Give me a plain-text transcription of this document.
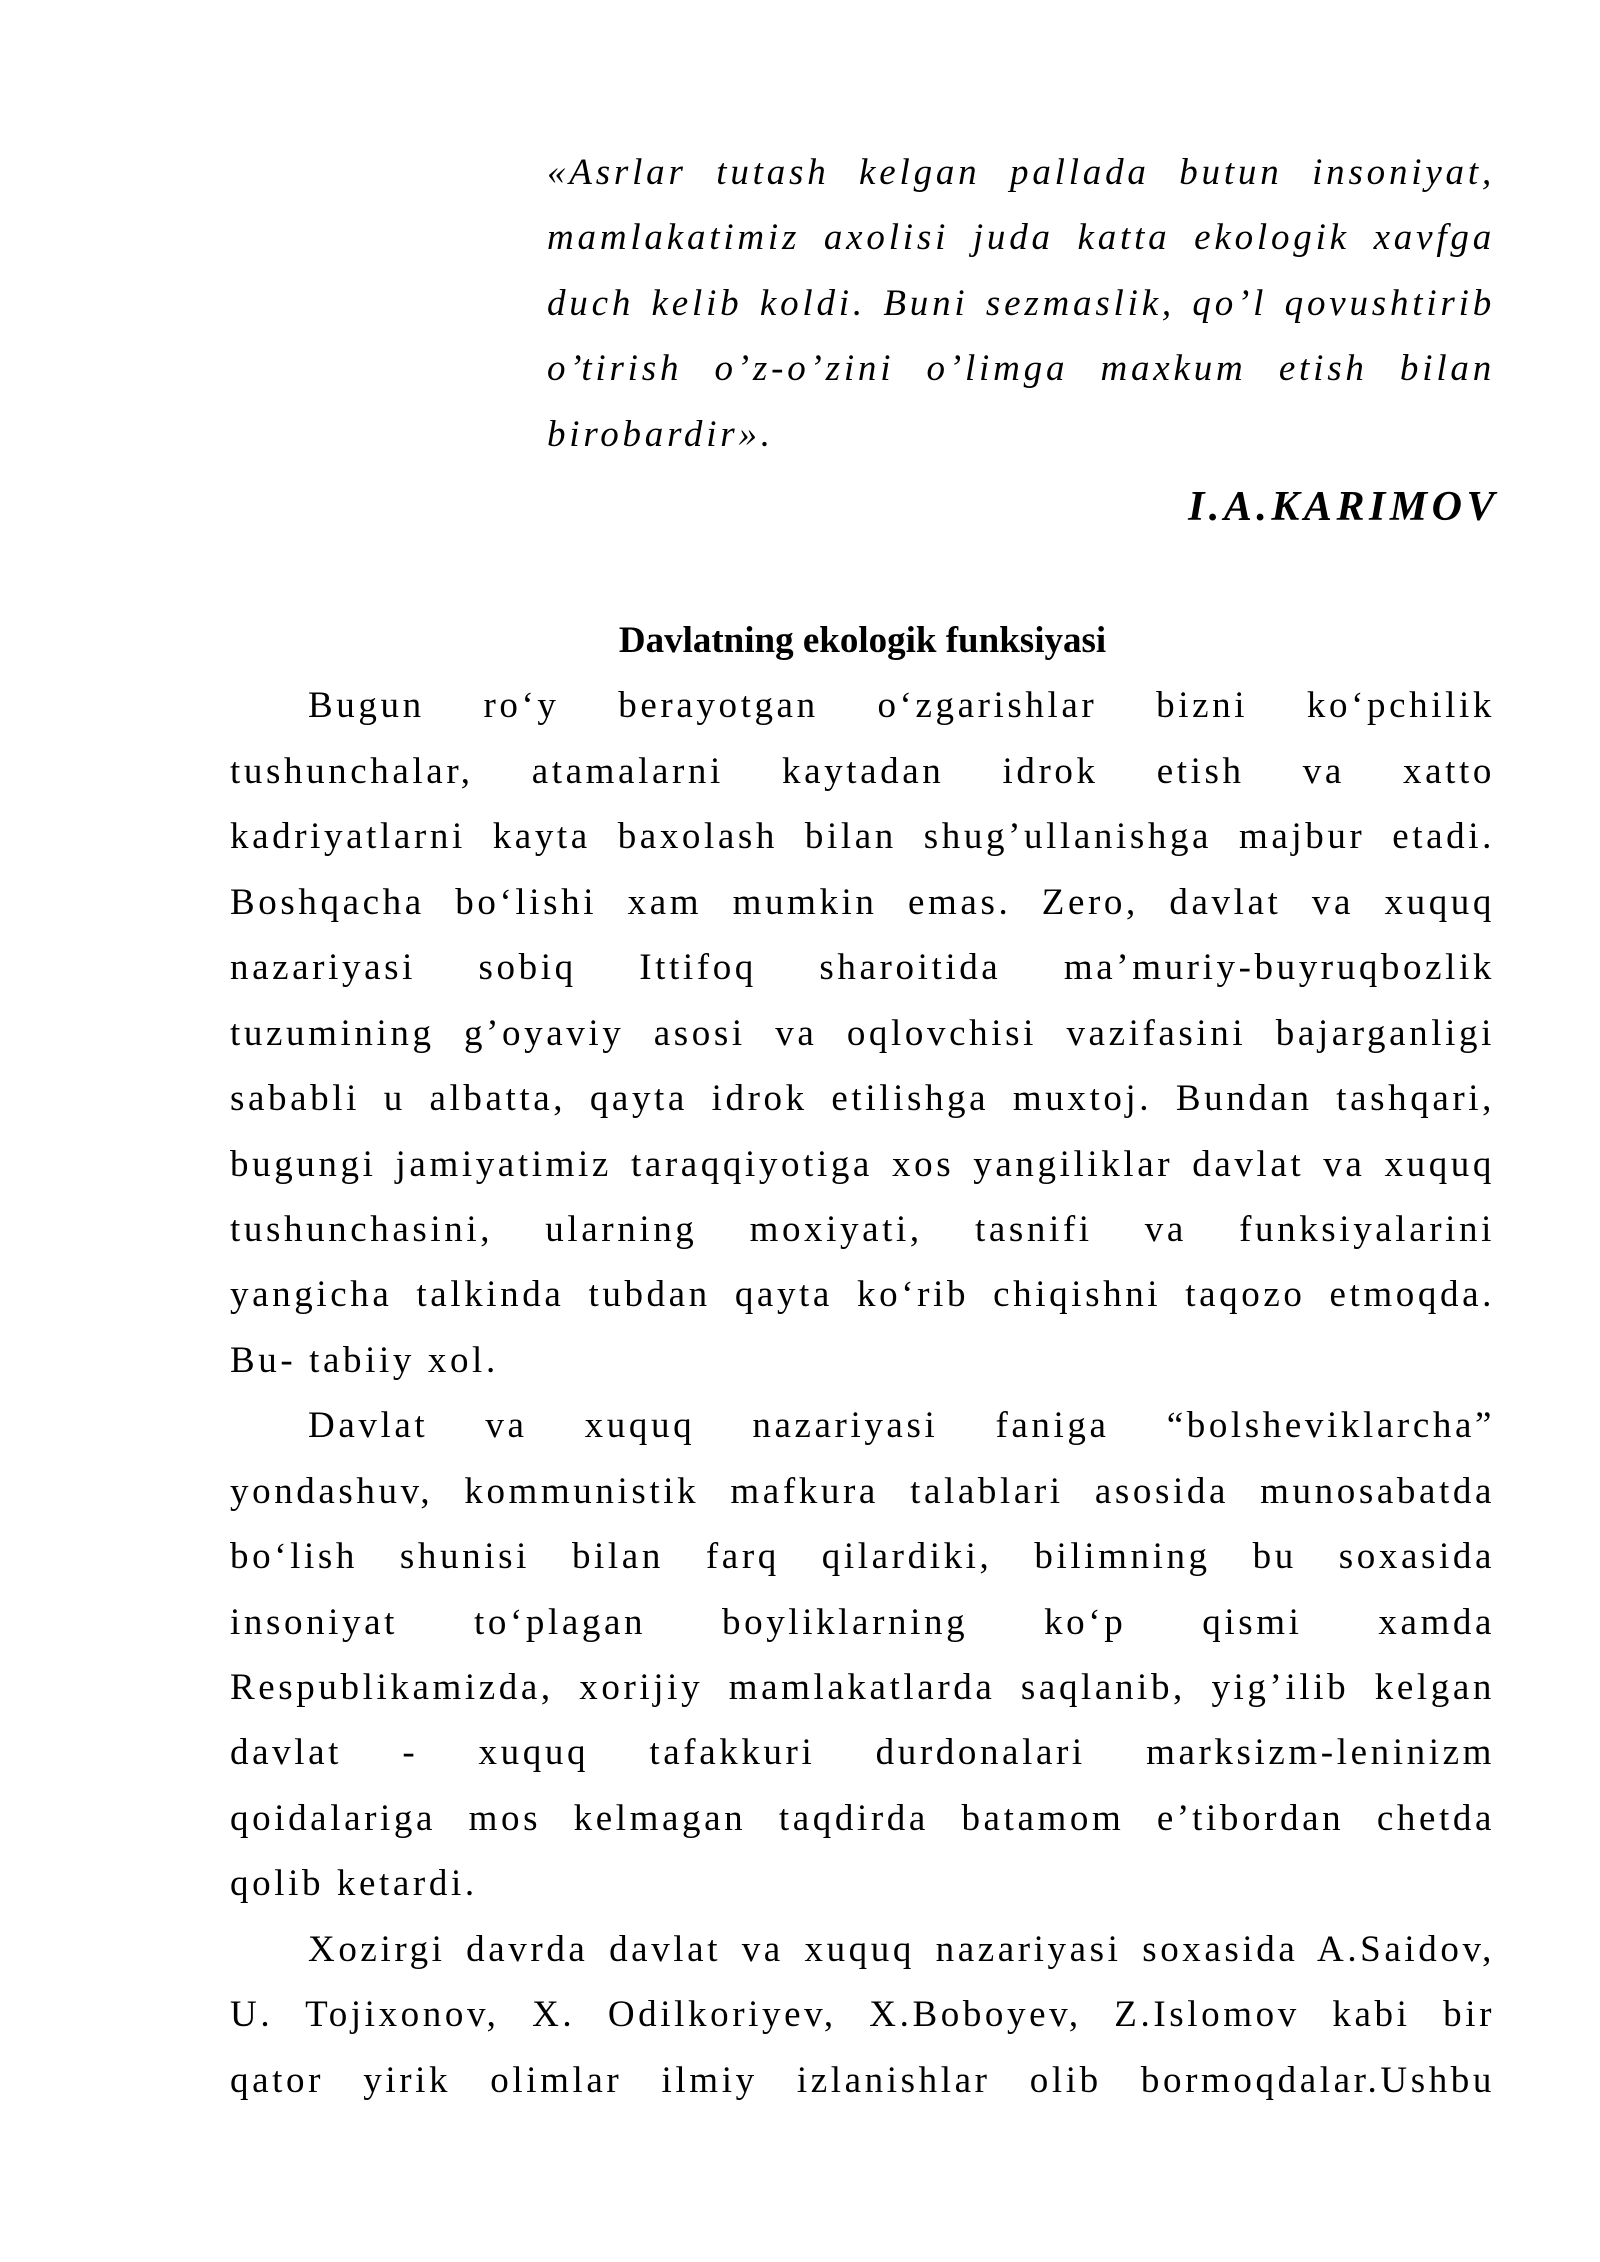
«Asrlar tutash kelgan pallada butun insoniyat,
mamlakatimiz axolisi juda katta ekologik xavfga
duch kelib koldi. Buni sezmaslik, qo’l qovushtirib
o’tirish o’z-o’zini o’limga maxkum etish bilan
birobardir».
I.A.KARIMOV
Davlatning ekologik funksiyasi
Bugun ro‘y berayotgan o‘zgarishlar bizni ko‘pchilik
tushunchalar, atamalarni kaytadan idrok etish va xatto
kadriyatlarni kayta baxolash bilan shug’ullanishga majbur etadi.
Boshqacha bo‘lishi xam mumkin emas. Zero, davlat va xuquq
nazariyasi sobiq Ittifoq sharoitida ma’muriy-buyruqbozlik
tuzumining g’oyaviy asosi va oqlovchisi vazifasini bajarganligi
sababli u albatta, qayta idrok etilishga muxtoj. Bundan tashqari,
bugungi jamiyatimiz taraqqiyotiga xos yangiliklar davlat va xuquq
tushunchasini, ularning moxiyati, tasnifi va funksiyalarini
yangicha talkinda tubdan qayta ko‘rib chiqishni taqozo etmoqda.
Bu- tabiiy xol.
Davlat va xuquq nazariyasi faniga “bolsheviklarcha”
yondashuv, kommunistik mafkura talablari asosida munosabatda
bo‘lish shunisi bilan farq qilardiki, bilimning bu soxasida
insoniyat to‘plagan boyliklarning ko‘p qismi xamda
Respublikamizda, xorijiy mamlakatlarda saqlanib, yig’ilib kelgan
davlat - xuquq tafakkuri durdonalari marksizm-leninizm
qoidalariga mos kelmagan taqdirda batamom e’tibordan chetda
qolib ketardi.
Xozirgi davrda davlat va xuquq nazariyasi soxasida A.Saidov,
U. Tojixonov, X. Odilkoriyev, X.Boboyev, Z.Islomov kabi bir
qator yirik olimlar ilmiy izlanishlar olib bormoqdalar.Ushbu
